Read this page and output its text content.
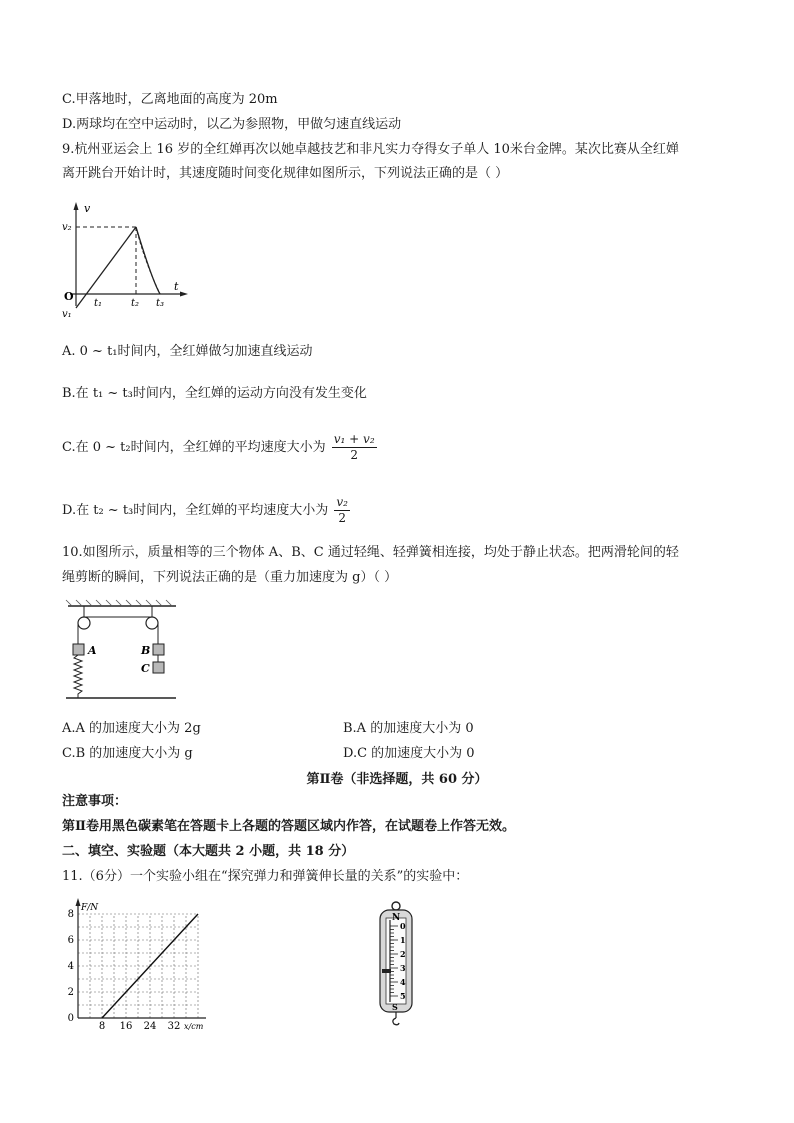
C.甲落地时，乙离地面的高度为 20m
D.两球均在空中运动时，以乙为参照物，甲做匀速直线运动
9.杭州亚运会上 16 岁的全红婵再次以她卓越技艺和非凡实力夺得女子单人 10米台金牌。某次比赛从全红婵
离开跳台开始计时，其速度随时间变化规律如图所示，下列说法正确的是（ ）
v
t
O
v₂
v₁
t₁	t₂ t₃
A. 0 ~ t₁时间内，全红婵做匀加速直线运动
B.在 t₁ ~ t₃时间内，全红婵的运动方向没有发生变化
C.在 0 ~ t₂时间内，全红婵的平均速度大小为 $\frac{\text{v₁ + v₂}}{2}$
D.在 t₂ ~ t₃时间内，全红婵的平均速度大小为 $\frac{\text{v₂}}{2}$
10.如图所示，质量相等的三个物体 A、B、C 通过轻绳、轻弹簧相连接，均处于静止状态。把两滑轮间的轻
绳剪断的瞬间，下列说法正确的是（重力加速度为 g）（ ）
A	B
C
A.A 的加速度大小为 2g	B.A 的加速度大小为 0
C.B 的加速度大小为 g	D.C 的加速度大小为 0
第Ⅱ卷（非选择题，共 60 分）
注意事项：
第Ⅱ卷用黑色碳素笔在答题卡上各题的答题区域内作答，在试题卷上作答无效。
二、填空、实验题（本大题共 2 小题，共 18 分）
11.（6分）一个实验小组在“探究弹力和弹簧伸长量的关系”的实验中：
0
2
4
6
8
8 16 24 32
F/N
x/cm
N
0
1
2
3
4
5
S
